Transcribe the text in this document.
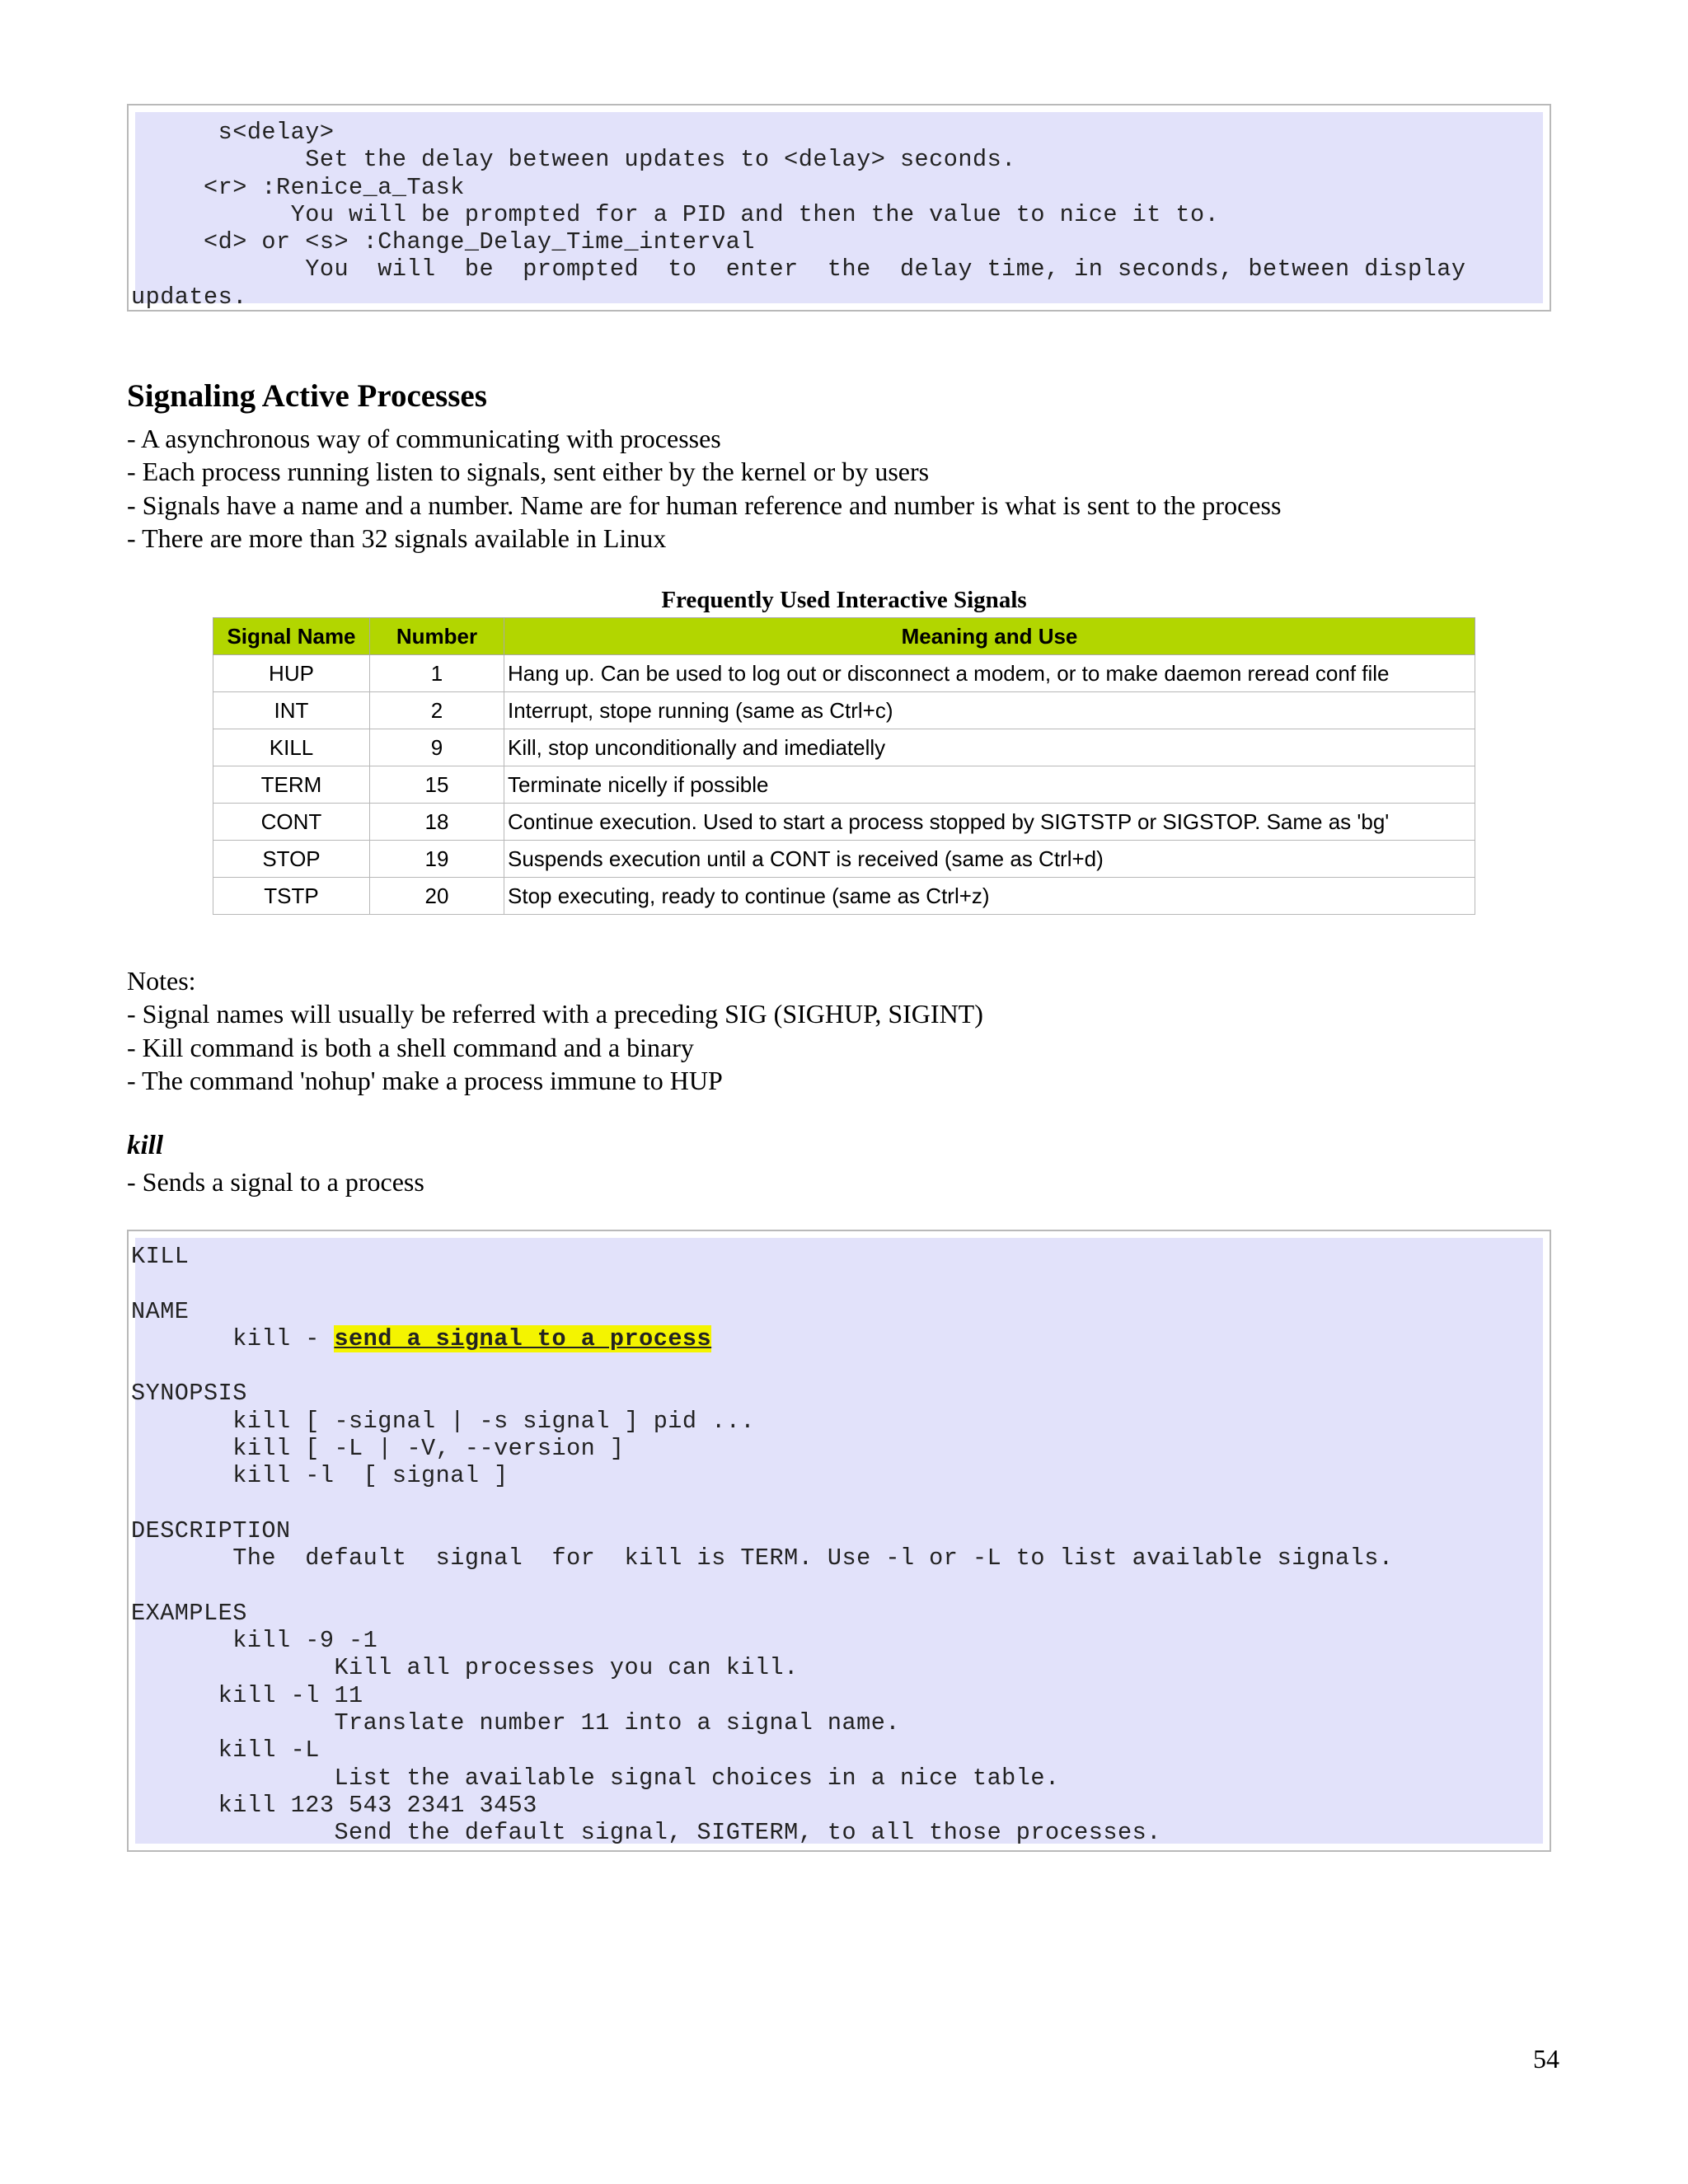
s<delay>
Set the delay between updates to <delay> seconds.
<r> :Renice_a_Task
You will be prompted for a PID and then the value to nice it to.
<d> or <s> :Change_Delay_Time_interval
You  will  be  prompted  to  enter  the  delay time, in seconds, between display
updates.
Signaling Active Processes
- A asynchronous way of communicating with processes
- Each process running listen to signals, sent either by the kernel or by users
- Signals have a name and a number. Name are for human reference and number is what is sent to the process
- There are more than 32 signals available in Linux
Frequently Used Interactive Signals
Signal Name	Number	Meaning and Use
HUP	1	Hang up. Can be used to log out or disconnect a modem, or to make daemon reread conf file
INT	2	Interrupt, stope running (same as Ctrl+c)
KILL	9	Kill, stop unconditionally and imediatelly
TERM	15	Terminate nicelly if possible
CONT	18	Continue execution. Used to start a process stopped by SIGTSTP or SIGSTOP. Same as 'bg'
STOP	19	Suspends execution until a CONT is received (same as Ctrl+d)
TSTP	20	Stop executing, ready to continue (same as Ctrl+z)
Notes:
- Signal names will usually be referred with a preceding SIG (SIGHUP, SIGINT)
- Kill command is both a shell command and a binary
- The command 'nohup' make a process immune to HUP
kill
- Sends a signal to a process
KILL
NAME
kill - send a signal to a process
SYNOPSIS
kill [ -signal | -s signal ] pid ...
kill [ -L | -V, --version ]
kill -l  [ signal ]
DESCRIPTION
The  default  signal  for  kill is TERM. Use -l or -L to list available signals.
EXAMPLES
kill -9 -1
Kill all processes you can kill.
kill -l 11
Translate number 11 into a signal name.
kill -L
List the available signal choices in a nice table.
kill 123 543 2341 3453
Send the default signal, SIGTERM, to all those processes.
54
